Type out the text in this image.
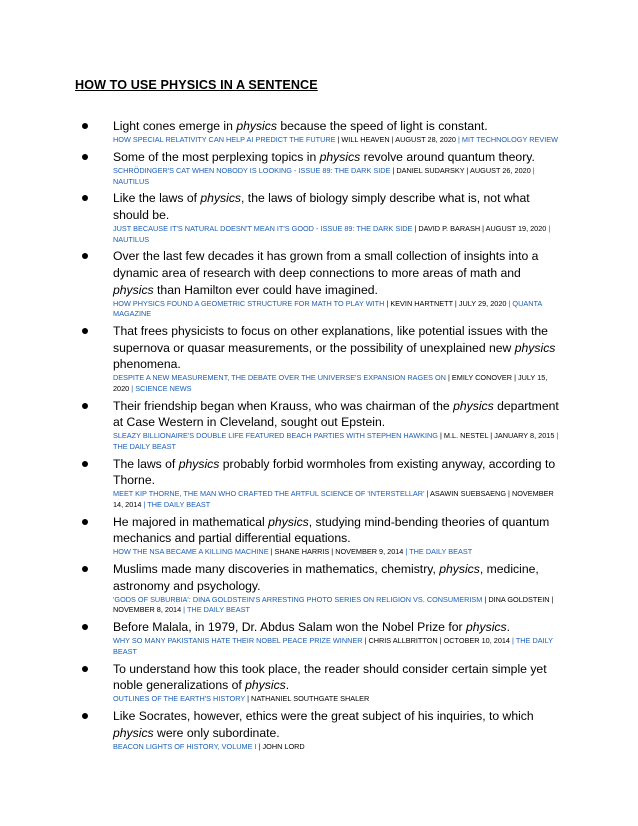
HOW TO USE PHYSICS IN A SENTENCE
Light cones emerge in physics because the speed of light is constant.
HOW SPECIAL RELATIVITY CAN HELP AI PREDICT THE FUTURE | WILL HEAVEN | AUGUST 28, 2020 | MIT TECHNOLOGY REVIEW
Some of the most perplexing topics in physics revolve around quantum theory.
SCHRÖDINGER'S CAT WHEN NOBODY IS LOOKING - ISSUE 89: THE DARK SIDE | DANIEL SUDARSKY | AUGUST 26, 2020 | NAUTILUS
Like the laws of physics, the laws of biology simply describe what is, not what should be.
JUST BECAUSE IT'S NATURAL DOESN'T MEAN IT'S GOOD - ISSUE 89: THE DARK SIDE | DAVID P. BARASH | AUGUST 19, 2020 | NAUTILUS
Over the last few decades it has grown from a small collection of insights into a dynamic area of research with deep connections to more areas of math and physics than Hamilton ever could have imagined.
HOW PHYSICS FOUND A GEOMETRIC STRUCTURE FOR MATH TO PLAY WITH | KEVIN HARTNETT | JULY 29, 2020 | QUANTA MAGAZINE
That frees physicists to focus on other explanations, like potential issues with the supernova or quasar measurements, or the possibility of unexplained new physics phenomena.
DESPITE A NEW MEASUREMENT, THE DEBATE OVER THE UNIVERSE'S EXPANSION RAGES ON | EMILY CONOVER | JULY 15, 2020 | SCIENCE NEWS
Their friendship began when Krauss, who was chairman of the physics department at Case Western in Cleveland, sought out Epstein.
SLEAZY BILLIONAIRE'S DOUBLE LIFE FEATURED BEACH PARTIES WITH STEPHEN HAWKING | M.L. NESTEL | JANUARY 8, 2015 | THE DAILY BEAST
The laws of physics probably forbid wormholes from existing anyway, according to Thorne.
MEET KIP THORNE, THE MAN WHO CRAFTED THE ARTFUL SCIENCE OF 'INTERSTELLAR' | ASAWIN SUEBSAENG | NOVEMBER 14, 2014 | THE DAILY BEAST
He majored in mathematical physics, studying mind-bending theories of quantum mechanics and partial differential equations.
HOW THE NSA BECAME A KILLING MACHINE | SHANE HARRIS | NOVEMBER 9, 2014 | THE DAILY BEAST
Muslims made many discoveries in mathematics, chemistry, physics, medicine, astronomy and psychology.
'GODS OF SUBURBIA': DINA GOLDSTEIN'S ARRESTING PHOTO SERIES ON RELIGION VS. CONSUMERISM | DINA GOLDSTEIN | NOVEMBER 8, 2014 | THE DAILY BEAST
Before Malala, in 1979, Dr. Abdus Salam won the Nobel Prize for physics.
WHY SO MANY PAKISTANIS HATE THEIR NOBEL PEACE PRIZE WINNER | CHRIS ALLBRITTON | OCTOBER 10, 2014 | THE DAILY BEAST
To understand how this took place, the reader should consider certain simple yet noble generalizations of physics.
OUTLINES OF THE EARTH'S HISTORY | NATHANIEL SOUTHGATE SHALER
Like Socrates, however, ethics were the great subject of his inquiries, to which physics were only subordinate.
BEACON LIGHTS OF HISTORY, VOLUME I | JOHN LORD
